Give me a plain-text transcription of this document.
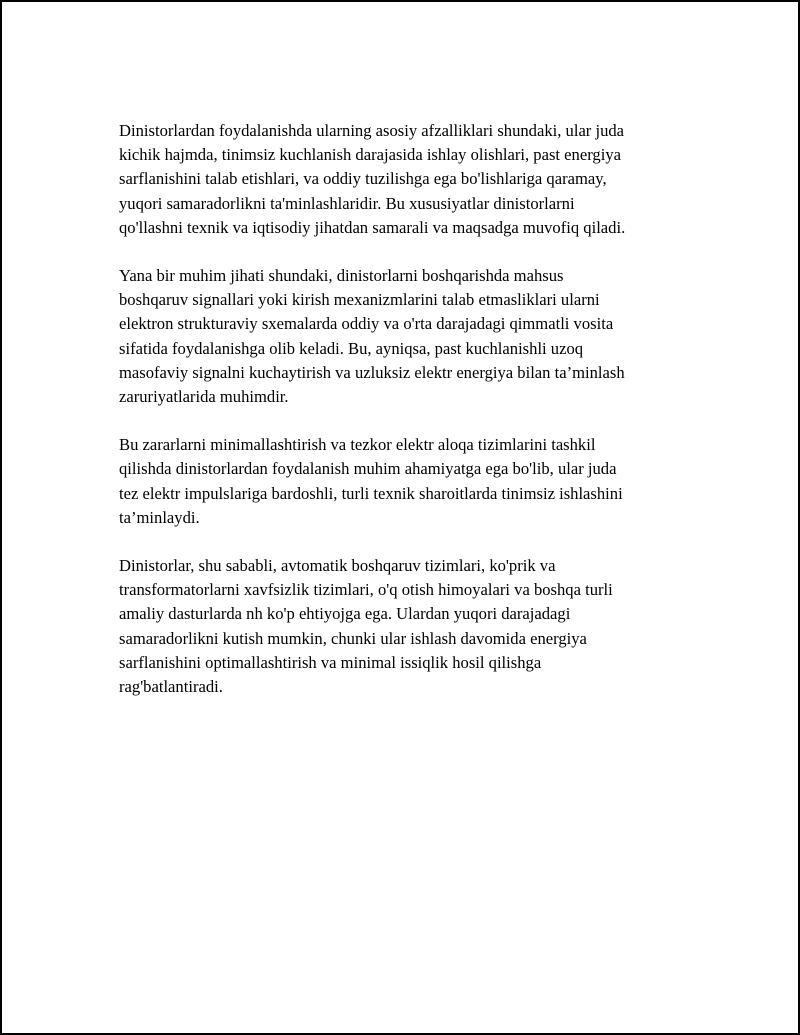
Dinistorlardan foydalanishda ularning asosiy afzalliklari shundaki, ular juda
kichik hajmda, tinimsiz kuchlanish darajasida ishlay olishlari, past energiya
sarflanishini talab etishlari, va oddiy tuzilishga ega bo'lishlariga qaramay,
yuqori samaradorlikni ta'minlashlaridir. Bu xususiyatlar dinistorlarni
qo'llashni texnik va iqtisodiy jihatdan samarali va maqsadga muvofiq qiladi.

Yana bir muhim jihati shundaki, dinistorlarni boshqarishda mahsus
boshqaruv signallari yoki kirish mexanizmlarini talab etmasliklari ularni
elektron strukturaviy sxemalarda oddiy va o'rta darajadagi qimmatli vosita
sifatida foydalanishga olib keladi. Bu, ayniqsa, past kuchlanishli uzoq
masofaviy signalni kuchaytirish va uzluksiz elektr energiya bilan ta’minlash
zaruriyatlarida muhimdir.

Bu zararlarni minimallashtirish va tezkor elektr aloqa tizimlarini tashkil
qilishda dinistorlardan foydalanish muhim ahamiyatga ega bo'lib, ular juda
tez elektr impulslariga bardoshli, turli texnik sharoitlarda tinimsiz ishlashini
ta’minlaydi.

Dinistorlar, shu sababli, avtomatik boshqaruv tizimlari, ko'prik va
transformatorlarni xavfsizlik tizimlari, o'q otish himoyalari va boshqa turli
amaliy dasturlarda nh ko'p ehtiyojga ega. Ulardan yuqori darajadagi
samaradorlikni kutish mumkin, chunki ular ishlash davomida energiya
sarflanishini optimallashtirish va minimal issiqlik hosil qilishga
rag'batlantiradi.
